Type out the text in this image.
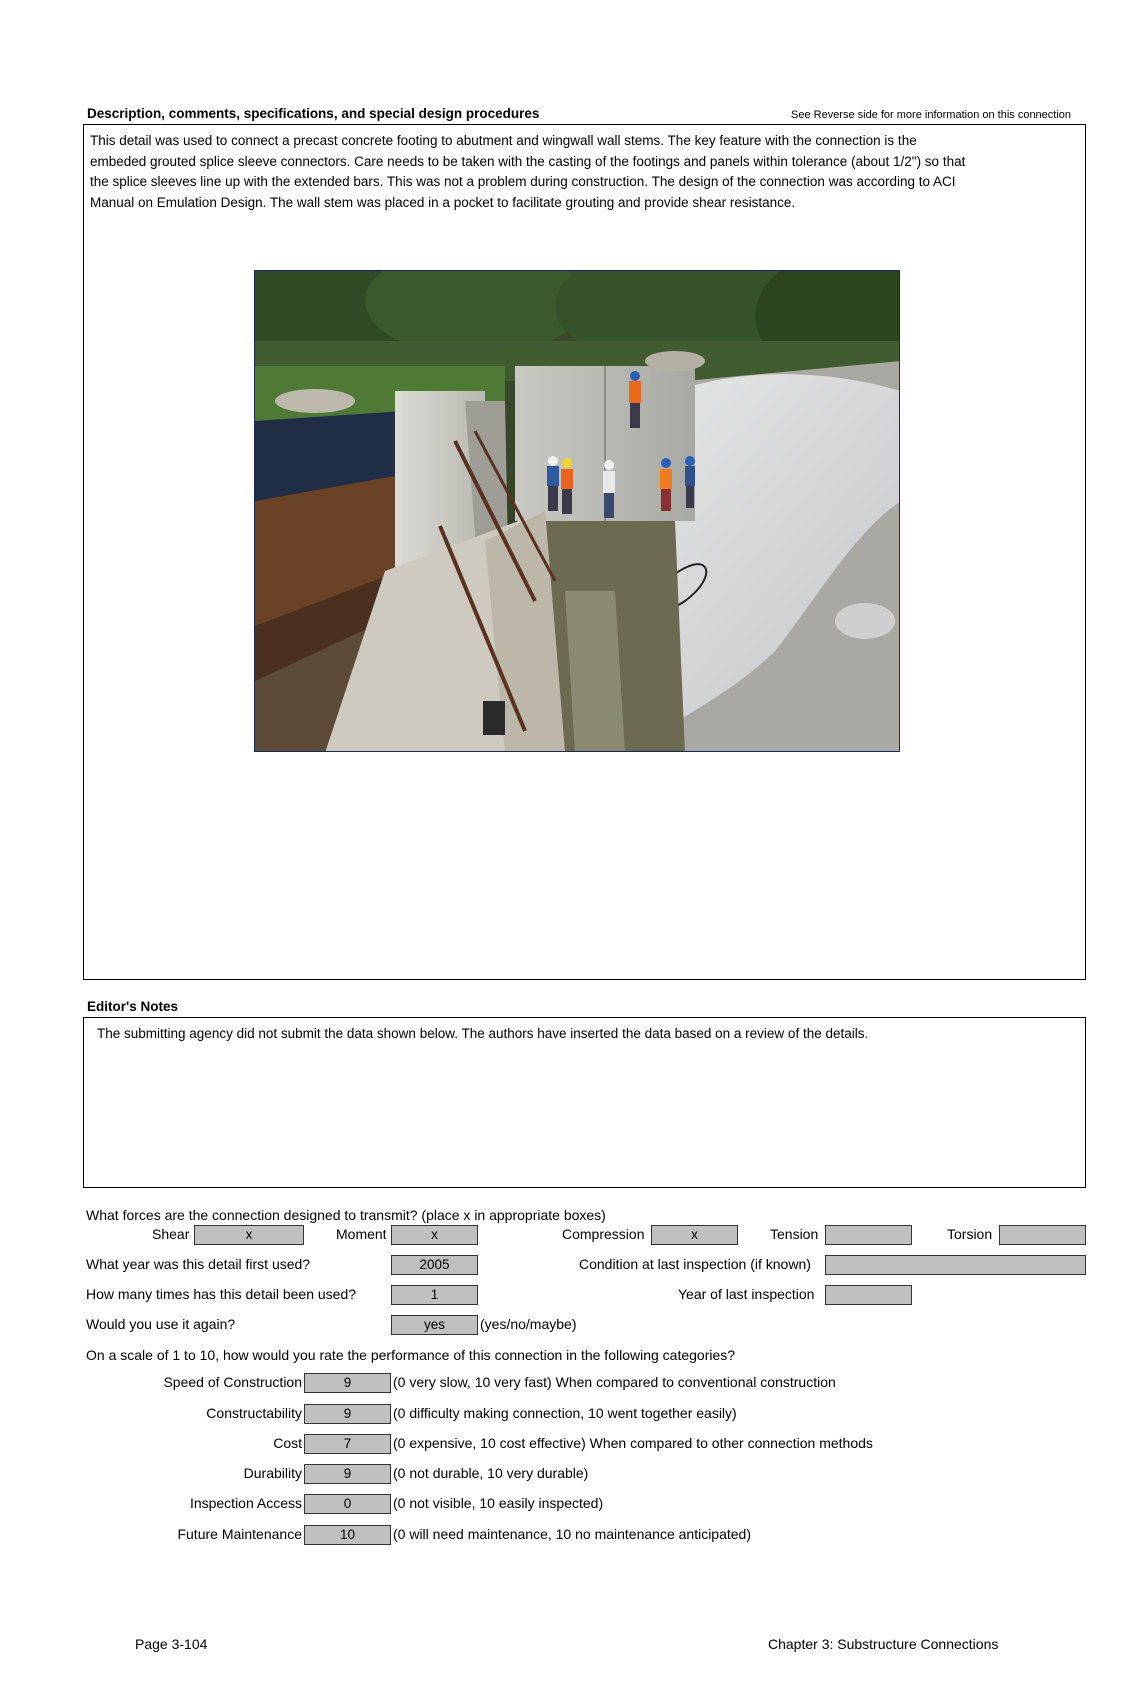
Description, comments, specifications, and special design procedures	See Reverse side for more information on this connection
This detail was used to connect a precast concrete footing to abutment and wingwall wall stems. The key feature with the connection is the
embeded grouted splice sleeve connectors. Care needs to be taken with the casting of the footings and panels within tolerance (about 1/2") so that
the splice sleeves line up with the extended bars. This was not a problem during construction. The design of the connection was according to ACI
Manual on Emulation Design. The wall stem was placed in a pocket to facilitate grouting and provide shear resistance.
Editor's Notes
The submitting agency did not submit the data shown below. The authors have inserted the data based on a review of the details.
What forces are the connection designed to transmit? (place x in appropriate boxes)
Shear	x	Moment	x	Compression	x	Tension	Torsion
What year was this detail first used?	2005	Condition at last inspection (if known)
How many times has this detail been used?	1	Year of last inspection
Would you use it again?	yes	(yes/no/maybe)
On a scale of 1 to 10, how would you rate the performance of this connection in the following categories?
Speed of Construction	9	(0 very slow, 10 very fast) When compared to conventional construction
Constructability	9	(0 difficulty making connection, 10 went together easily)
Cost	7	(0 expensive, 10 cost effective) When compared to other connection methods
Durability	9	(0 not durable, 10 very durable)
Inspection Access	0	(0 not visible, 10 easily inspected)
Future Maintenance	10	(0 will need maintenance, 10 no maintenance anticipated)
Page 3-104	Chapter 3: Substructure Connections
